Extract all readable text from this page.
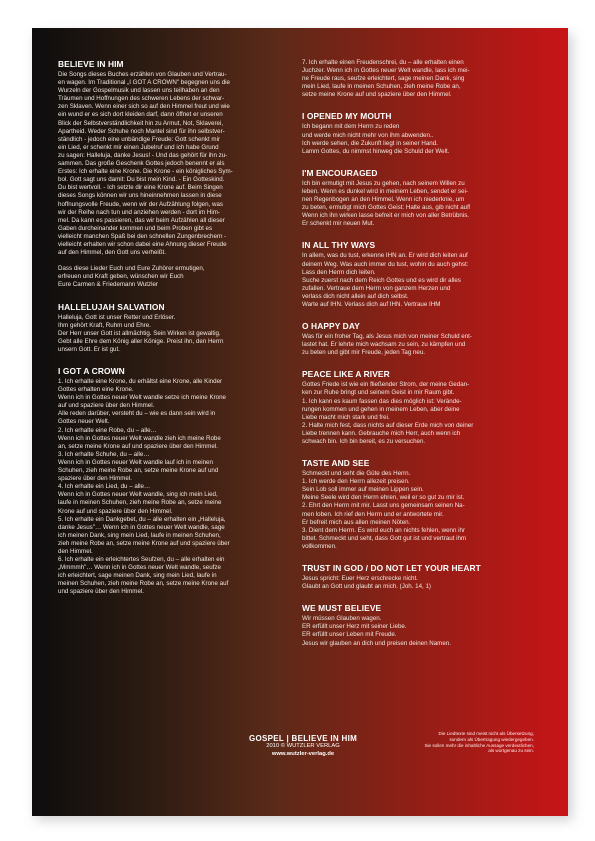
BELIEVE IN HIM
Die Songs dieses Buches erzählen von Glauben und Vertrau-
en wagen. Im Traditional „I GOT A CROWN" begegnen uns die
Wurzeln der Gospelmusik und lassen uns teilhaben an den
Träumen und Hoffnungen des schweren Lebens der schwar-
zen Sklaven. Wenn einer sich so auf den Himmel freut und wie
ein wund er es sich dort kleiden darf, dann öffnet er unseren
Blick der Selbstverständlichkeit hin zu Armut, Not, Sklaverei,
Apartheid. Weder Schuhe noch Mantel sind für ihn selbstver-
ständlich - jedoch eine unbändige Freude: Gott schenkt mir
ein Lied, er schenkt mir einen Jubelruf und ich habe Grund
zu sagen: Halleluja, danke Jesus! - Und das gehört für ihn zu-
sammen. Das große Geschenk Gottes jedoch benennt er als
Erstes: Ich erhalte eine Krone. Die Krone - ein königliches Sym-
bol. Gott sagt uns damit: Du bist mein Kind. - Ein Gotteskind.
Du bist wertvoll. - Ich setzte dir eine Krone auf. Beim Singen
dieses Songs können wir uns hineinnehmen lassen in diese
hoffnungsvolle Freude, wenn wir der Aufzählung folgen, was
wir der Reihe nach tun und anziehen werden - dort im Him-
mel. Da kann es passieren, das wir beim Aufzählen all dieser
Gaben durcheinander kommen und beim Proben gibt es
vielleicht manchen Spaß bei den schnellen Zungenbrechern -
vielleicht erhalten wir schon dabei eine Ahnung dieser Freude
auf den Himmel, den Gott uns verheißt.

Dass diese Lieder Euch und Eure Zuhörer ermutigen,
erfreuen und Kraft geben, wünschen wir Euch
Eure Carmen & Friedemann Wutzler
HALLELUJAH SALVATION
Halleluja, Gott ist unser Retter und Erlöser.
Ihm gehört Kraft, Ruhm und Ehre.
Der Herr unser Gott ist allmächtig. Sein Wirken ist gewaltig.
Gebt alle Ehre dem König aller Könige. Preist ihn, den Herrn
unsern Gott. Er ist gut.
I GOT A CROWN
1. Ich erhalte eine Krone, du erhältst eine Krone, alle Kinder
Gottes erhalten eine Krone.
Wenn ich in Gottes neuer Welt wandle setze ich meine Krone
auf und spaziere über den Himmel.
Alle reden darüber, versteht du – wie es dann sein wird in
Gottes neuer Welt.
2. Ich erhalte eine Robe, du – alle…
Wenn ich in Gottes neuer Welt wandle zieh ich meine Robe
an, setze meine Krone auf und spaziere über den Himmel.
3. Ich erhalte Schuhe, du – alle…
Wenn ich in Gottes neuer Welt wandle lauf ich in meinen
Schuhen, zieh meine Robe an, setze meine Krone auf und
spaziere über den Himmel.
4. Ich erhalte ein Lied, du – alle…
Wenn ich in Gottes neuer Welt wandle, sing ich mein Lied,
laufe in meinen Schuhen, zieh meine Robe an, setze meine
Krone auf und spaziere über den Himmel.
5. Ich erhalte ein Dankgebet, du – alle erhalten ein „Halleluja,
danke Jesus"… Wenn ich in Gottes neuer Welt wandle, sage
ich meinen Dank, sing mein Lied, laufe in meinen Schuhen,
zieh meine Robe an, setze meine Krone auf und spaziere über
den Himmel.
6. Ich erhalte ein erleichtertes Seufzen, du – alle erhalten ein
„Mmmmh"… Wenn ich in Gottes neuer Welt wandle, seufze
ich erleichtert, sage meinen Dank, sing mein Lied, laufe in
meinen Schuhen, zieh meine Robe an, setze meine Krone auf
und spaziere über den Himmel.
7. Ich erhalte einen Freudenschrei, du – alle erhalten einen
Juchzer. Wenn ich in Gottes neuer Welt wandle, lass ich mei-
ne Freude raus, seufze erleichtert, sage meinen Dank, sing
mein Lied, laufe in meinen Schuhen, zieh meine Robe an,
setze meine Krone auf und spaziere über den Himmel.
I OPENED MY MOUTH
Ich begann mit dem Herrn zu reden
und werde mich nicht mehr von ihm abwenden..
Ich werde sehen, die Zukunft liegt in seiner Hand.
Lamm Gottes, du nimmst hinweg die Schuld der Welt.
I'M ENCOURAGED
Ich bin ermutigt mit Jesus zu gehen, nach seinem Willen zu
leben. Wenn es dunkel wird in meinem Leben, sendet er sei-
nen Regenbogen an den Himmel. Wenn ich niederknie, um
zu beten, ermutigt mich Gottes Geist: Halte aus, gib nicht auf!
Wenn ich ihn wirken lasse befreit er mich von aller Betrübnis.
Er schenkt mir neuen Mut.
IN ALL THY WAYS
In allem, was du tust, erkenne IHN an. Er wird dich leiten auf
deinem Weg. Was auch immer du tust, wohin du auch gehst:
Lass den Herrn dich leiten.
Suche zuerst nach dem Reich Gottes und es wird dir alles
zufallen. Vertraue dem Herrn von ganzem Herzen und
verlass dich nicht allein auf dich selbst.
Warte auf IHN. Verlass dich auf IHN. Vertraue IHM
O HAPPY DAY
Was für ein froher Tag, als Jesus mich von meiner Schuld ent-
lastet hat. Er lehrte mich wachsam zu sein, zu kämpfen und
zu beten und gibt mir Freude, jeden Tag neu.
PEACE LIKE A RIVER
Gottes Friede ist wie ein fließender Strom, der meine Gedan-
ken zur Ruhe bringt und seinem Geist in mir Raum gibt.
1. Ich kann es kaum fassen das dies möglich ist: Verände-
rungen kommen und gehen in meinem Leben, aber deine
Liebe macht mich stark und frei.
2. Halte mich fest, dass nichts auf dieser Erde mich von deiner
Liebe trennen kann. Gebrauche mich Herr, auch wenn ich
schwach bin. Ich bin bereit, es zu versuchen.
TASTE AND SEE
Schmeckt und seht die Güte des Herrn.
1. Ich werde den Herrn allezeit preisen.
Sein Lob soll immer auf meinen Lippen sein.
Meine Seele wird den Herrn ehren, weil er so gut zu mir ist.
2. Ehrt den Herrn mit mir. Lasst uns gemeinsam seinen Na-
men loben. Ich rief den Herrn und er antwortete mir.
Er befreit mich aus allen meinen Nöten.
3. Dient dem Herrn. Es wird euch an nichts fehlen, wenn ihr
bittet. Schmeckt und seht, dass Gott gut ist und vertraut ihm
vollkommen.
TRUST IN GOD / DO NOT LET YOUR HEART
Jesus spricht: Euer Herz erschrecke nicht.
Glaubt an Gott und glaubt an mich. (Joh. 14, 1)
WE MUST BELIEVE
Wir müssen Glauben wagen.
ER erfüllt unser Herz mit seiner Liebe.
ER erfüllt unser Leben mit Freude.
Jesus wir glauben an dich und preisen deinen Namen.
GOSPEL | BELIEVE IN HIM
2010 © WUTZLER VERLAG
www.wutzler-verlag.de
Die Liedtexte sind meist nicht als Übersetzung,
sondern als Übertragung wiedergegeben.
Sie sollen mehr die inhaltliche Aussage verdeutlichen,
als wortgenau zu sein.
